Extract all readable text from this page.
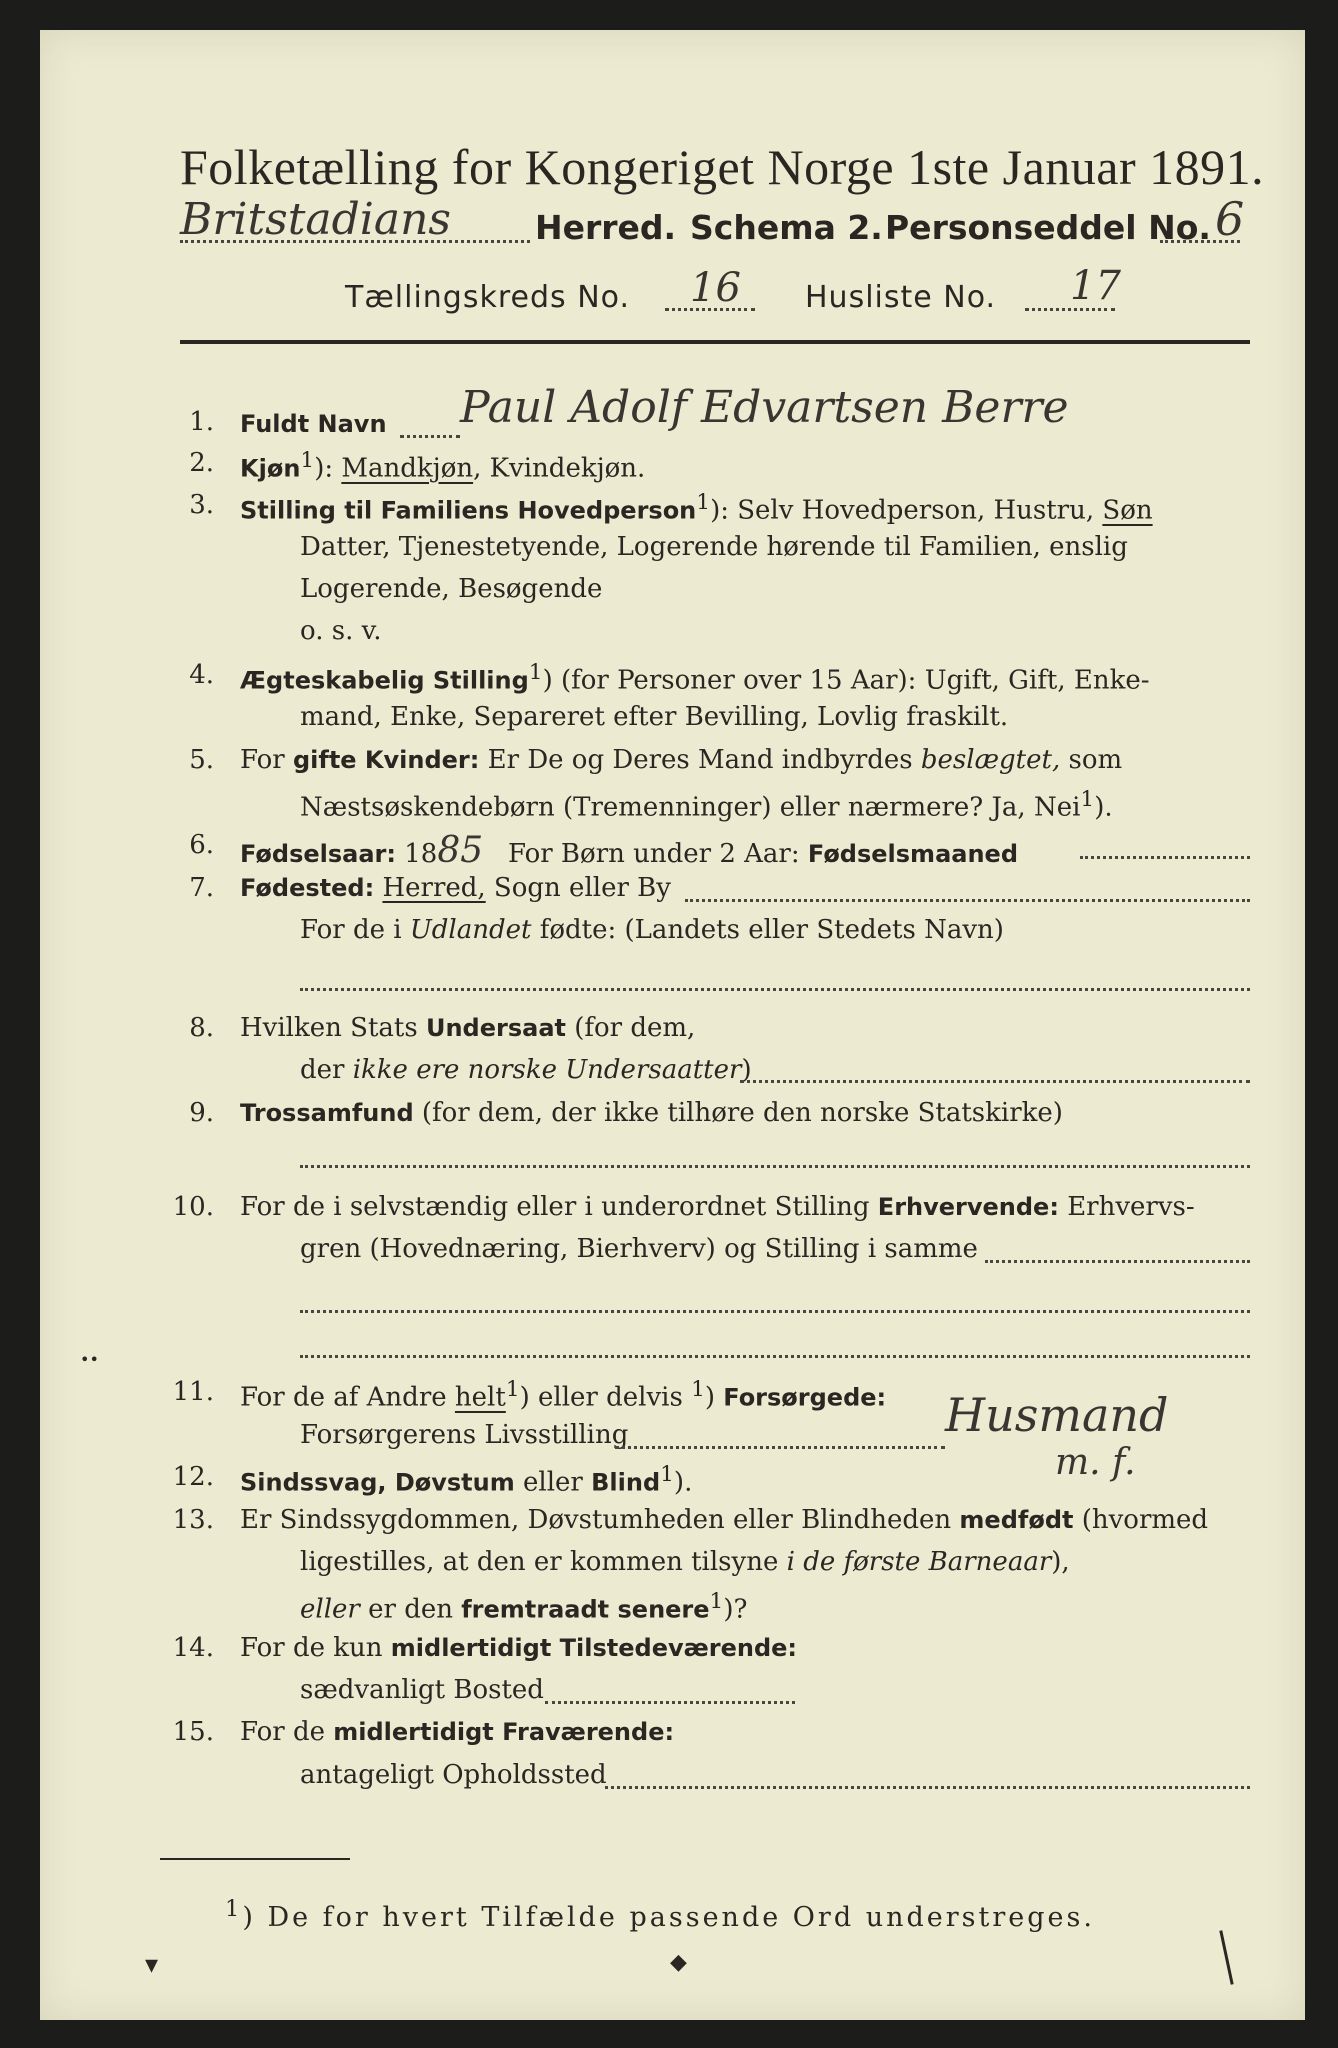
Folketælling for Kongeriget Norge 1ste Januar 1891.
Britstadians	Herred. Schema 2. Personseddel No. 6
Tællingskreds No. 16 Husliste No. 17
1. Fuldt Navn Paul Adolf Edvartsen Berre
2. Kjøn$^1$): Mandkjøn, Kvindekjøn.
3. Stilling til Familiens Hovedperson$^1$): Selv Hovedperson, Hustru, Søn
Datter, Tjenestetyende, Logerende hørende til Familien, enslig
Logerende, Besøgende
o. s. v.
4. Ægteskabelig Stilling$^1$) (for Personer over 15 Aar): Ugift, Gift, Enke-
mand, Enke, Separeret efter Bevilling, Lovlig fraskilt.
5. For gifte Kvinder: Er De og Deres Mand indbyrdes beslægtet, som
Næstsøskendebørn (Tremenninger) eller nærmere? Ja, Nei$^1$).
6. Fødselsaar: 1885 For Børn under 2 Aar: Fødselsmaaned
7. Fødested: Herred, Sogn eller By
For de i Udlandet fødte: (Landets eller Stedets Navn)
8. Hvilken Stats Undersaat (for dem,
der ikke ere norske Undersaatter)
9. Trossamfund (for dem, der ikke tilhøre den norske Statskirke)
10. For de i selvstændig eller i underordnet Stilling Erhvervende: Erhvervs-
gren (Hovednæring, Bierhverv) og Stilling i samme
11. For de af Andre helt$^1$) eller delvis $^1$) Forsørgede:
Forsørgerens Livsstilling	Husmand
12. Sindssvag, Døvstum eller Blind$^1$).	m. f.
13. Er Sindssygdommen, Døvstumheden eller Blindheden medfødt (hvormed
ligestilles, at den er kommen tilsyne i de første Barneaar),
eller er den fremtraadt senere$^1$)?
14. For de kun midlertidigt Tilstedeværende:
sædvanligt Bosted
15. For de midlertidigt Fraværende:
antageligt Opholdssted
$^1$) De for hvert Tilfælde passende Ord understreges.
▾	◆
••
